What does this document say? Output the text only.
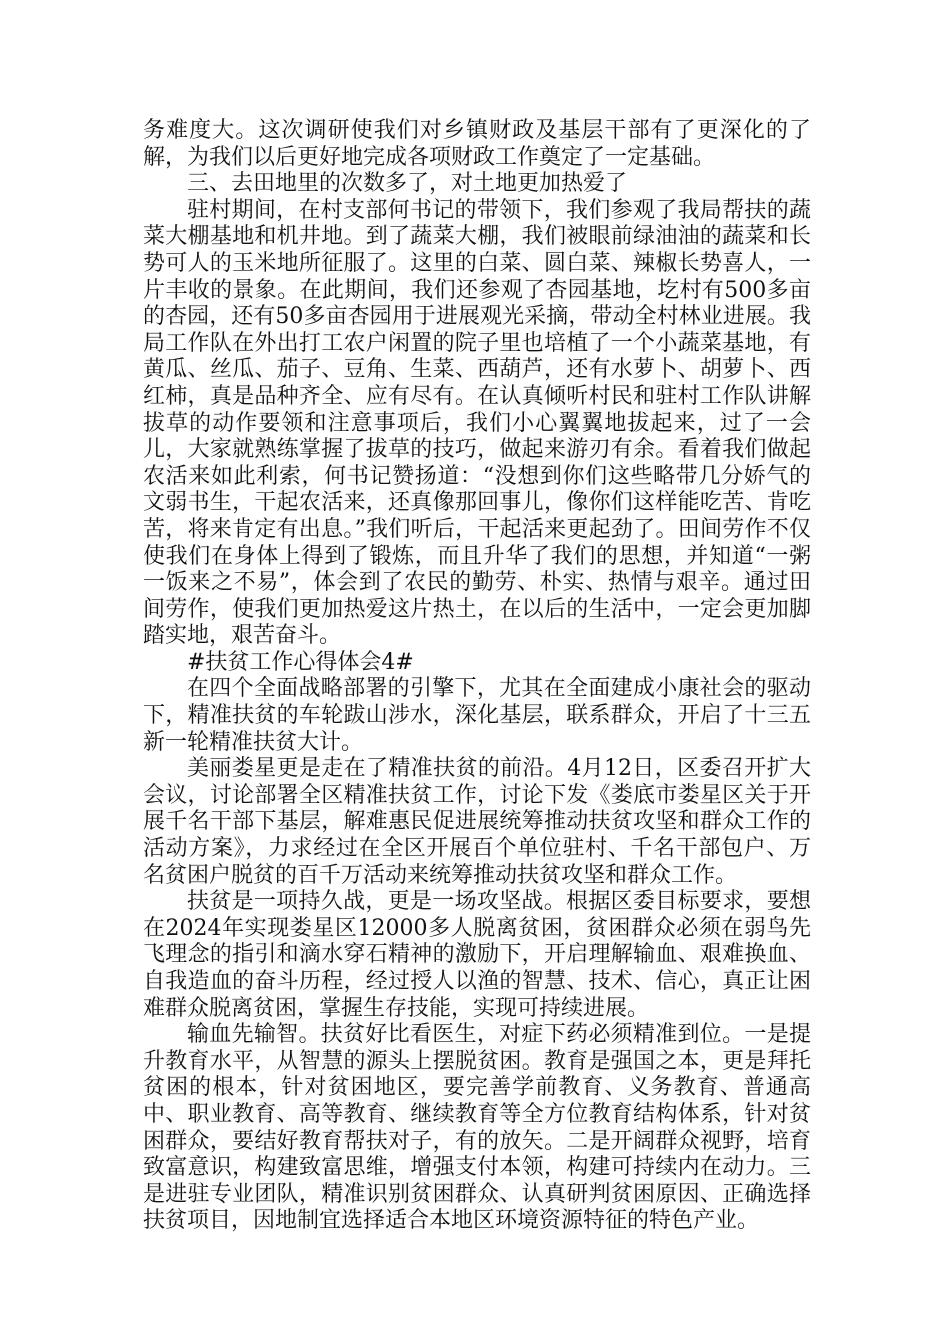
务难度大。这次调研使我们对乡镇财政及基层干部有了更深化的了解，为我们以后更好地完成各项财政工作奠定了一定基础。

三、去田地里的次数多了，对土地更加热爱了

驻村期间，在村支部何书记的带领下，我们参观了我局帮扶的蔬菜大棚基地和机井地。到了蔬菜大棚，我们被眼前绿油油的蔬菜和长势可人的玉米地所征服了。这里的白菜、圆白菜、辣椒长势喜人，一片丰收的景象。在此期间，我们还参观了杏园基地，圪村有500多亩的杏园，还有50多亩杏园用于进展观光采摘，带动全村林业进展。我局工作队在外出打工农户闲置的院子里也培植了一个小蔬菜基地，有黄瓜、丝瓜、茄子、豆角、生菜、西葫芦，还有水萝卜、胡萝卜、西红柿，真是品种齐全、应有尽有。在认真倾听村民和驻村工作队讲解拔草的动作要领和注意事项后，我们小心翼翼地拔起来，过了一会儿，大家就熟练掌握了拔草的技巧，做起来游刃有余。看着我们做起农活来如此利索，何书记赞扬道：“没想到你们这些略带几分娇气的文弱书生，干起农活来，还真像那回事儿，像你们这样能吃苦、肯吃苦，将来肯定有出息。”我们听后，干起活来更起劲了。田间劳作不仅使我们在身体上得到了锻炼，而且升华了我们的思想，并知道“一粥一饭来之不易”，体会到了农民的勤劳、朴实、热情与艰辛。通过田间劳作，使我们更加热爱这片热土，在以后的生活中，一定会更加脚踏实地，艰苦奋斗。

#扶贫工作心得体会4#

在四个全面战略部署的引擎下，尤其在全面建成小康社会的驱动下，精准扶贫的车轮跋山涉水，深化基层，联系群众，开启了十三五新一轮精准扶贫大计。

美丽娄星更是走在了精准扶贫的前沿。4月12日，区委召开扩大会议，讨论部署全区精准扶贫工作，讨论下发《娄底市娄星区关于开展千名干部下基层，解难惠民促进展统筹推动扶贫攻坚和群众工作的活动方案》，力求经过在全区开展百个单位驻村、千名干部包户、万名贫困户脱贫的百千万活动来统筹推动扶贫攻坚和群众工作。

扶贫是一项持久战，更是一场攻坚战。根据区委目标要求，要想在2024年实现娄星区12000多人脱离贫困，贫困群众必须在弱鸟先飞理念的指引和滴水穿石精神的激励下，开启理解输血、艰难换血、自我造血的奋斗历程，经过授人以渔的智慧、技术、信心，真正让困难群众脱离贫困，掌握生存技能，实现可持续进展。

输血先输智。扶贫好比看医生，对症下药必须精准到位。一是提升教育水平，从智慧的源头上摆脱贫困。教育是强国之本，更是拜托贫困的根本，针对贫困地区，要完善学前教育、义务教育、普通高中、职业教育、高等教育、继续教育等全方位教育结构体系，针对贫困群众，要结好教育帮扶对子，有的放矢。二是开阔群众视野，培育致富意识，构建致富思维，增强支付本领，构建可持续内在动力。三是进驻专业团队，精准识别贫困群众、认真研判贫困原因、正确选择扶贫项目，因地制宜选择适合本地区环境资源特征的特色产业。
